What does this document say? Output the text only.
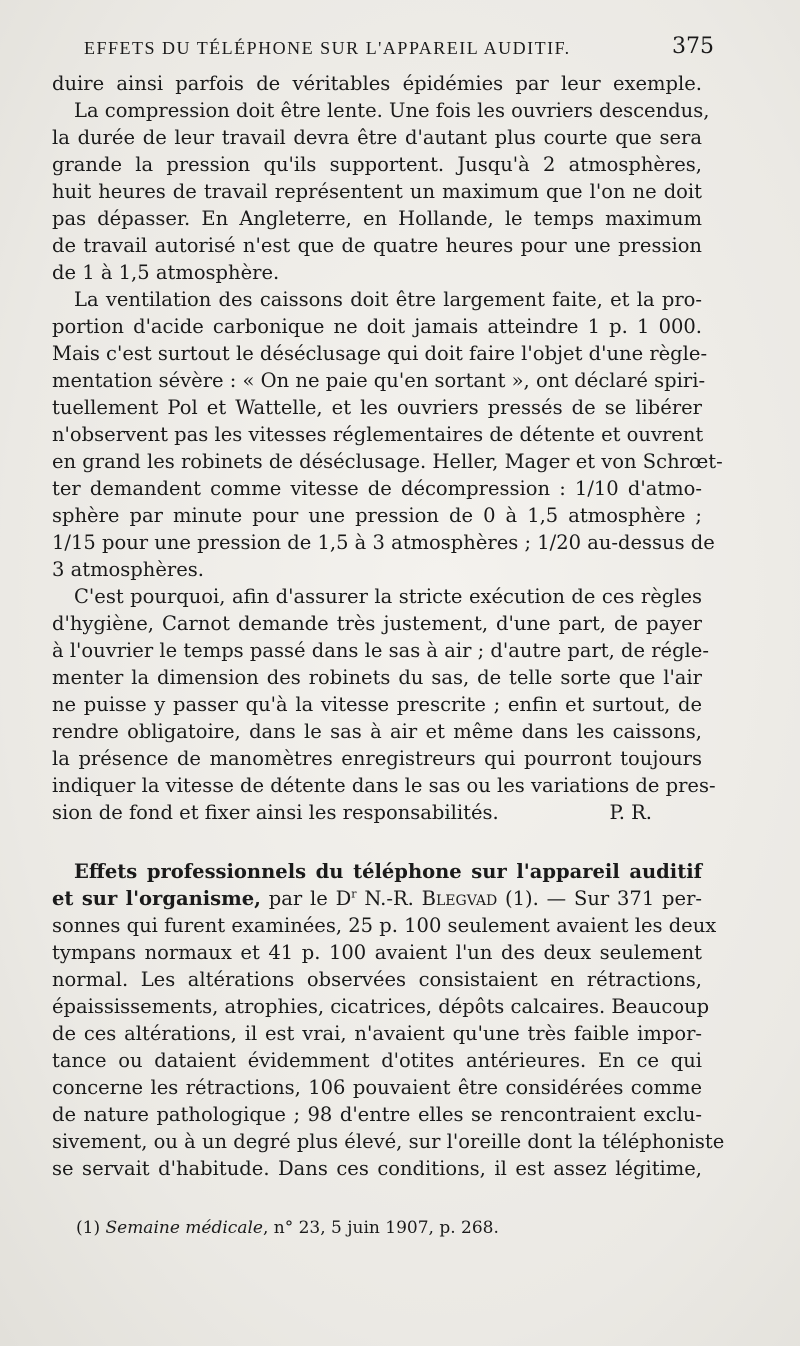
EFFETS DU TÉLÉPHONE SUR L'APPAREIL AUDITIF.	375
duire ainsi parfois de véritables épidémies par leur exemple.
La compression doit être lente. Une fois les ouvriers descendus,
la durée de leur travail devra être d'autant plus courte que sera
grande la pression qu'ils supportent. Jusqu'à 2 atmosphères,
huit heures de travail représentent un maximum que l'on ne doit
pas dépasser. En Angleterre, en Hollande, le temps maximum
de travail autorisé n'est que de quatre heures pour une pression
de 1 à 1,5 atmosphère.
La ventilation des caissons doit être largement faite, et la pro-
portion d'acide carbonique ne doit jamais atteindre 1 p. 1 000.
Mais c'est surtout le déséclusage qui doit faire l'objet d'une règle-
mentation sévère : « On ne paie qu'en sortant », ont déclaré spiri-
tuellement Pol et Wattelle, et les ouvriers pressés de se libérer
n'observent pas les vitesses réglementaires de détente et ouvrent
en grand les robinets de déséclusage. Heller, Mager et von Schrœt-
ter demandent comme vitesse de décompression : 1/10 d'atmo-
sphère par minute pour une pression de 0 à 1,5 atmosphère ;
1/15 pour une pression de 1,5 à 3 atmosphères ; 1/20 au-dessus de
3 atmosphères.
C'est pourquoi, afin d'assurer la stricte exécution de ces règles
d'hygiène, Carnot demande très justement, d'une part, de payer
à l'ouvrier le temps passé dans le sas à air ; d'autre part, de régle-
menter la dimension des robinets du sas, de telle sorte que l'air
ne puisse y passer qu'à la vitesse prescrite ; enfin et surtout, de
rendre obligatoire, dans le sas à air et même dans les caissons,
la présence de manomètres enregistreurs qui pourront toujours
indiquer la vitesse de détente dans le sas ou les variations de pres-
sion de fond et fixer ainsi les responsabilités.	P. R.
Effets professionnels du téléphone sur l'appareil auditif
et sur l'organisme, par le $D^r$ N.-R. Blegvad (1). — Sur 371 per-
sonnes qui furent examinées, 25 p. 100 seulement avaient les deux
tympans normaux et 41 p. 100 avaient l'un des deux seulement
normal. Les altérations observées consistaient en rétractions,
épaississements, atrophies, cicatrices, dépôts calcaires. Beaucoup
de ces altérations, il est vrai, n'avaient qu'une très faible impor-
tance ou dataient évidemment d'otites antérieures. En ce qui
concerne les rétractions, 106 pouvaient être considérées comme
de nature pathologique ; 98 d'entre elles se rencontraient exclu-
sivement, ou à un degré plus élevé, sur l'oreille dont la téléphoniste
se servait d'habitude. Dans ces conditions, il est assez légitime,
(1) Semaine médicale, n° 23, 5 juin 1907, p. 268.
